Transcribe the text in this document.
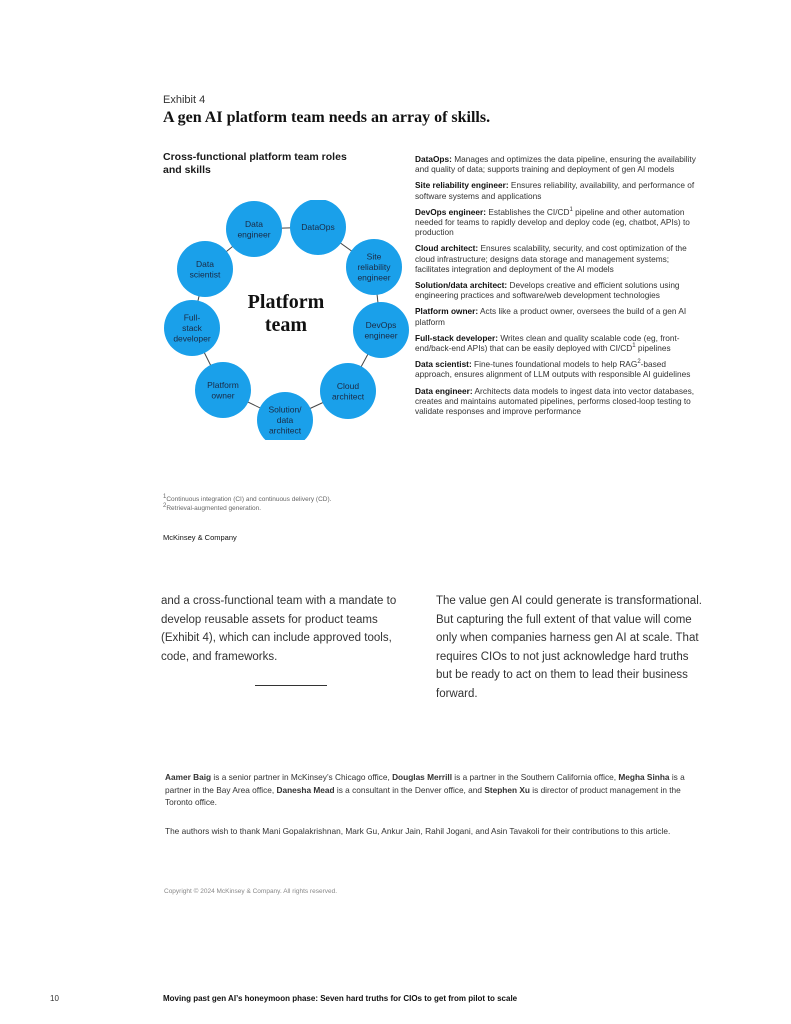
Exhibit 4
A gen AI platform team needs an array of skills.
Cross-functional platform team roles and skills
Data
engineer
DataOps
Site
reliability
engineer
DevOps
engineer
Cloud
architect
Solution/
data
architect
Platform
owner
Full-
stack
developer
Data
scientist
Platform
team
DataOps: Manages and optimizes the data pipeline, ensuring the availability and quality of data; supports training and deployment of gen AI models
Site reliability engineer: Ensures reliability, availability, and performance of software systems and applications
DevOps engineer: Establishes the $CI/CD^1$ pipeline and other automation needed for teams to rapidly develop and deploy code (eg, chatbot, APIs) to production
Cloud architect: Ensures scalability, security, and cost optimization of the cloud infrastructure; designs data storage and management systems; facilitates integration and deployment of the AI models
Solution/data architect: Develops creative and efficient solutions using engineering practices and software/web development technologies
Platform owner: Acts like a product owner, oversees the build of a gen AI platform
Full-stack developer: Writes clean and quality scalable code (eg, front-end/back-end APIs) that can be easily deployed with $CI/CD^1$ pipelines
Data scientist: Fine-tunes foundational models to help RAG$^2$-based approach, ensures alignment of LLM outputs with responsible AI guidelines
Data engineer: Architects data models to ingest data into vector databases, creates and maintains automated pipelines, performs closed-loop testing to validate responses and improve performance
$^1$Continuous integration (CI) and continuous delivery (CD).
$^2$Retrieval-augmented generation.
McKinsey & Company
and a cross-functional team with a mandate to develop reusable assets for product teams (Exhibit 4), which can include approved tools, code, and frameworks.
The value gen AI could generate is transformational. But capturing the full extent of that value will come only when companies harness gen AI at scale. That requires CIOs to not just acknowledge hard truths but be ready to act on them to lead their business forward.
Aamer Baig is a senior partner in McKinsey’s Chicago office, Douglas Merrill is a partner in the Southern California office, Megha Sinha is a partner in the Bay Area office, Danesha Mead is a consultant in the Denver office, and Stephen Xu is director of product management in the Toronto office.
The authors wish to thank Mani Gopalakrishnan, Mark Gu, Ankur Jain, Rahil Jogani, and Asin Tavakoli for their contributions to this article.
Copyright © 2024 McKinsey & Company. All rights reserved.
10	Moving past gen AI’s honeymoon phase: Seven hard truths for CIOs to get from pilot to scale
